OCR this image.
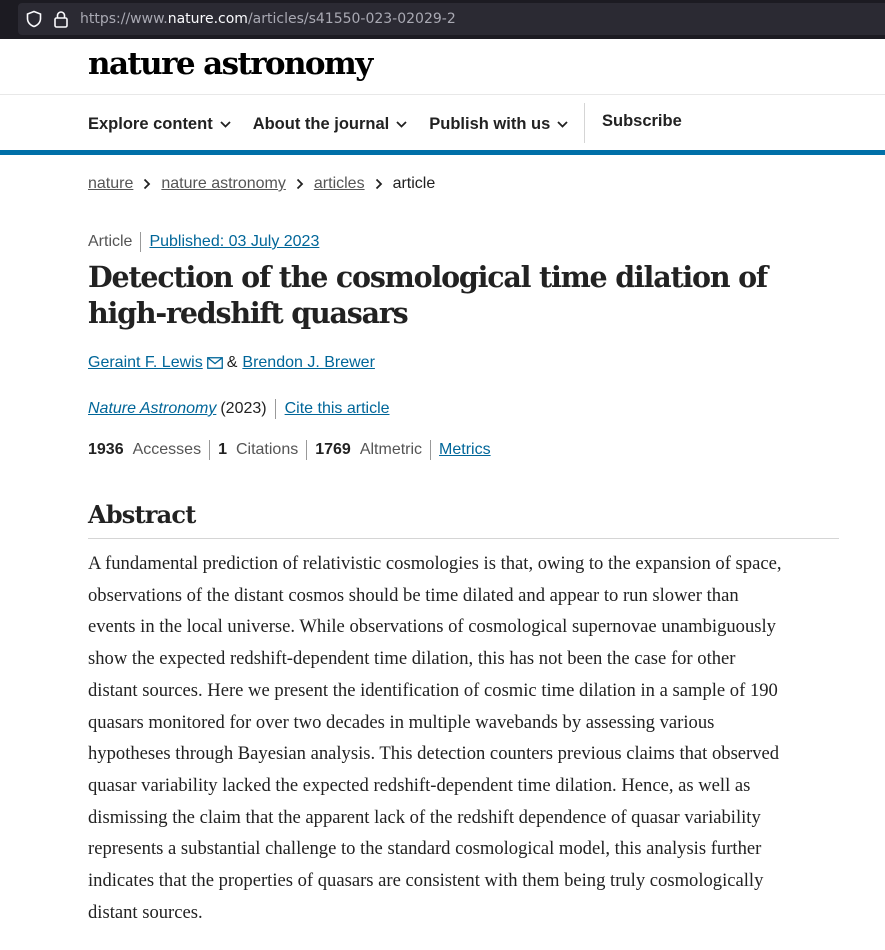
https://www.nature.com/articles/s41550-023-02029-2
nature astronomy
Explore content About the journal Publish with us	Subscribe
nature nature astronomy articles article
Article	Published: 03 July 2023
Detection of the cosmological time dilation of high-redshift quasars
Geraint F. Lewis & Brendon J. Brewer
Nature Astronomy (2023)	Cite this article
1936 Accesses 1 Citations 1769 Altmetric Metrics
Abstract
A fundamental prediction of relativistic cosmologies is that, owing to the expansion of space,
observations of the distant cosmos should be time dilated and appear to run slower than
events in the local universe. While observations of cosmological supernovae unambiguously
show the expected redshift-dependent time dilation, this has not been the case for other
distant sources. Here we present the identification of cosmic time dilation in a sample of 190
quasars monitored for over two decades in multiple wavebands by assessing various
hypotheses through Bayesian analysis. This detection counters previous claims that observed
quasar variability lacked the expected redshift-dependent time dilation. Hence, as well as
dismissing the claim that the apparent lack of the redshift dependence of quasar variability
represents a substantial challenge to the standard cosmological model, this analysis further
indicates that the properties of quasars are consistent with them being truly cosmologically
distant sources.
